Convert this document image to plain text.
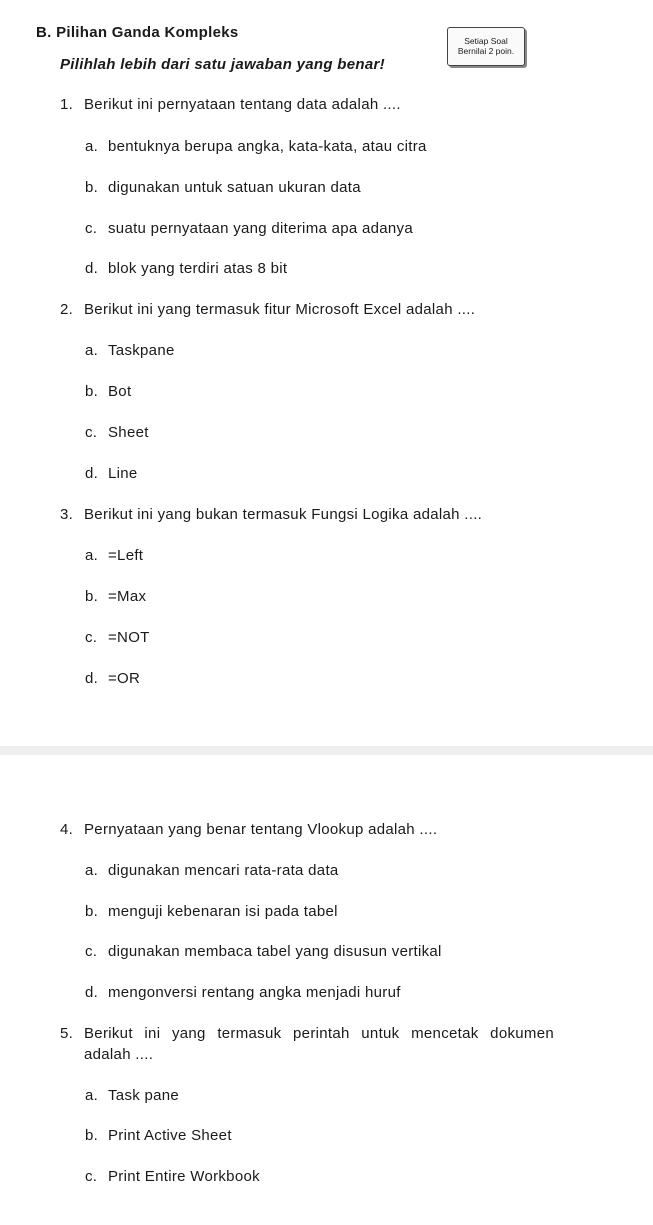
B. Pilihan Ganda Kompleks
Pilihlah lebih dari satu jawaban yang benar!
Setiap Soal
Bernilai 2 poin.
1. Berikut ini pernyataan tentang data adalah ....
a. bentuknya berupa angka, kata-kata, atau citra
b. digunakan untuk satuan ukuran data
c. suatu pernyataan yang diterima apa adanya
d. blok yang terdiri atas 8 bit
2. Berikut ini yang termasuk fitur Microsoft Excel adalah ....
a. Taskpane
b. Bot
c. Sheet
d. Line
3. Berikut ini yang bukan termasuk Fungsi Logika adalah ....
a. =Left
b. =Max
c. =NOT
d. =OR
4. Pernyataan yang benar tentang Vlookup adalah ....
a. digunakan mencari rata-rata data
b. menguji kebenaran isi pada tabel
c. digunakan membaca tabel yang disusun vertikal
d. mengonversi rentang angka menjadi huruf
5. Berikut ini yang termasuk perintah untuk mencetak dokumen adalah ....
a. Task pane
b. Print Active Sheet
c. Print Entire Workbook
